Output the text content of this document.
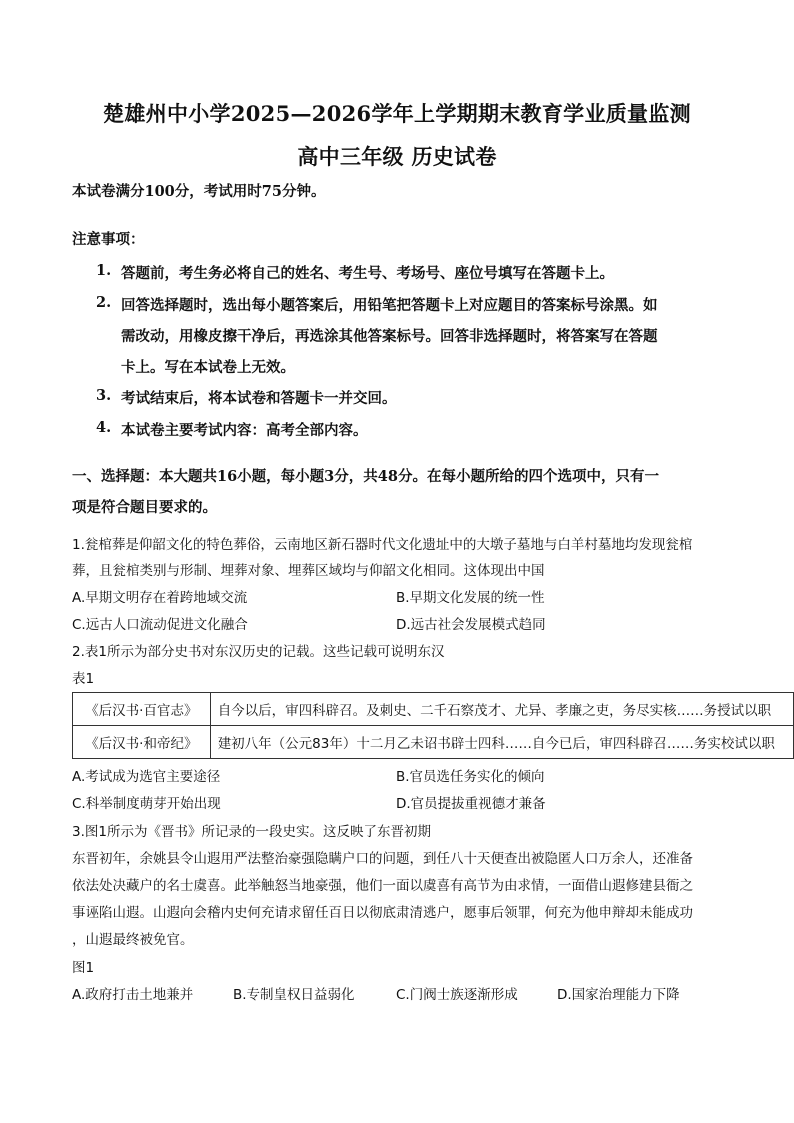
楚雄州中小学2025—2026学年上学期期末教育学业质量监测
高中三年级 历史试卷
本试卷满分100分，考试用时75分钟。
注意事项：
1. 答题前，考生务必将自己的姓名、考生号、考场号、座位号填写在答题卡上。
2. 回答选择题时，选出每小题答案后，用铅笔把答题卡上对应题目的答案标号涂黑。如
需改动，用橡皮擦干净后，再选涂其他答案标号。回答非选择题时，将答案写在答题
卡上。写在本试卷上无效。
3. 考试结束后，将本试卷和答题卡一并交回。
4. 本试卷主要考试内容：高考全部内容。
一、选择题：本大题共16小题，每小题3分，共48分。在每小题所给的四个选项中，只有一
项是符合题目要求的。
1.瓮棺葬是仰韶文化的特色葬俗，云南地区新石器时代文化遗址中的大墩子墓地与白羊村墓地均发现瓮棺
葬，且瓮棺类别与形制、埋葬对象、埋葬区域均与仰韶文化相同。这体现出中国
A.早期文明存在着跨地域交流	B.早期文化发展的统一性
C.远古人口流动促进文化融合	D.远古社会发展模式趋同
2.表1所示为部分史书对东汉历史的记载。这些记载可说明东汉
表1
《后汉书·百官志》	自今以后，审四科辟召。及刺史、二千石察茂才、尤异、孝廉之吏，务尽实核……务授试以职
《后汉书·和帝纪》	建初八年（公元83年）十二月乙未诏书辟士四科……自今已后，审四科辟召……务实校试以职
A.考试成为选官主要途径	B.官员选任务实化的倾向
C.科举制度萌芽开始出现	D.官员提拔重视德才兼备
3.图1所示为《晋书》所记录的一段史实。这反映了东晋初期
东晋初年，余姚县令山遐用严法整治豪强隐瞒户口的问题，到任八十天便查出被隐匿人口万余人，还准备
依法处决藏户的名士虞喜。此举触怒当地豪强，他们一面以虞喜有高节为由求情，一面借山遐修建县衙之
事诬陷山遐。山遐向会稽内史何充请求留任百日以彻底肃清逃户，愿事后领罪，何充为他申辩却未能成功
，山遐最终被免官。
图1
A.政府打击土地兼并	B.专制皇权日益弱化	C.门阀士族逐渐形成	D.国家治理能力下降
